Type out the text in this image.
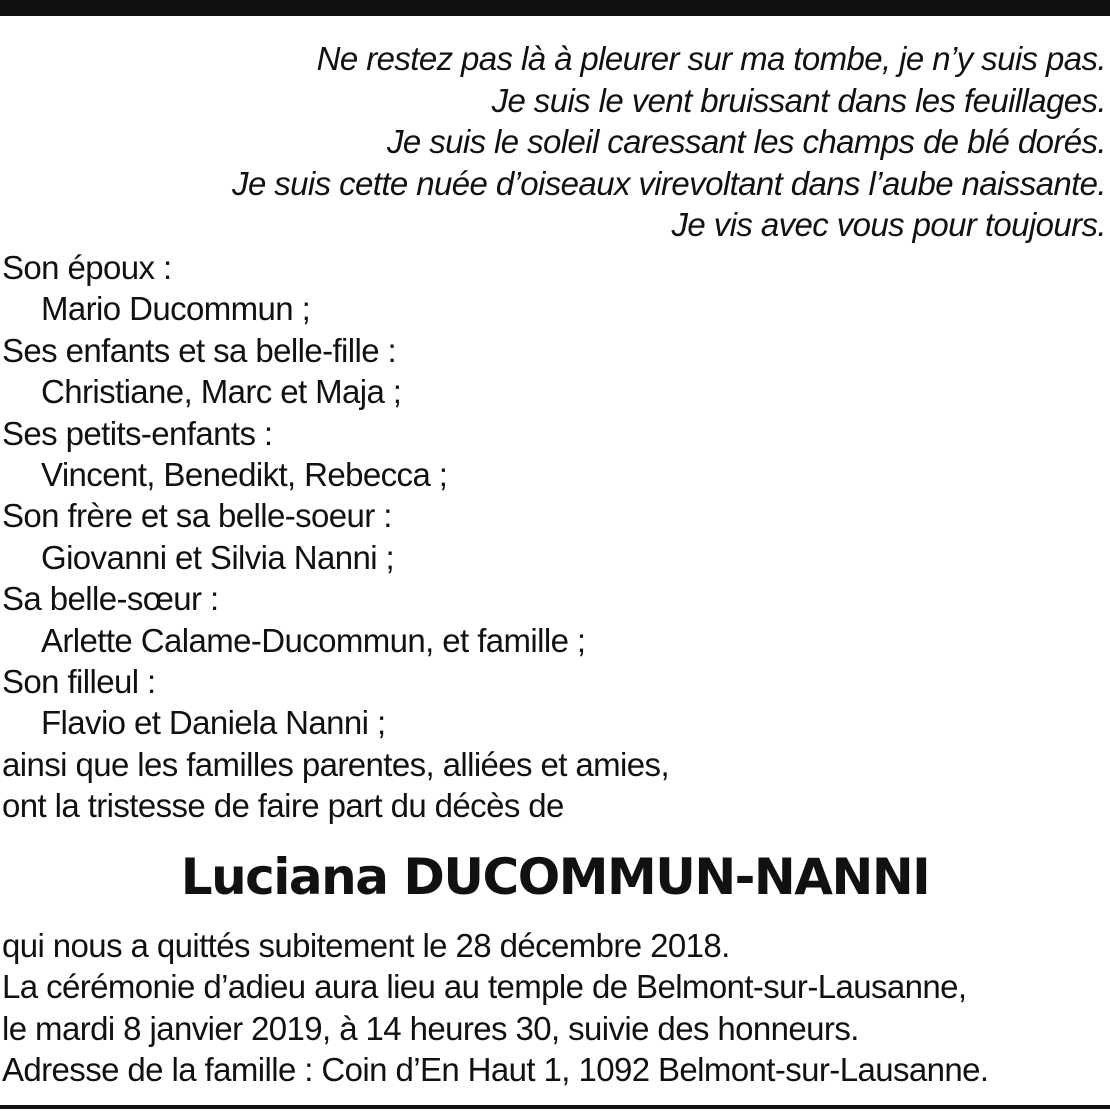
Ne restez pas là à pleurer sur ma tombe, je n’y suis pas.
Je suis le vent bruissant dans les feuillages.
Je suis le soleil caressant les champs de blé dorés.
Je suis cette nuée d’oiseaux virevoltant dans l’aube naissante.
Je vis avec vous pour toujours.
Son époux :
Mario Ducommun ;
Ses enfants et sa belle-fille :
Christiane, Marc et Maja ;
Ses petits-enfants :
Vincent, Benedikt, Rebecca ;
Son frère et sa belle-soeur :
Giovanni et Silvia Nanni ;
Sa belle-sœur :
Arlette Calame-Ducommun, et famille ;
Son filleul :
Flavio et Daniela Nanni ;
ainsi que les familles parentes, alliées et amies,
ont la tristesse de faire part du décès de
Luciana DUCOMMUN-NANNI
qui nous a quittés subitement le 28 décembre 2018.
La cérémonie d’adieu aura lieu au temple de Belmont-sur-Lausanne,
le mardi 8 janvier 2019, à 14 heures 30, suivie des honneurs.
Adresse de la famille : Coin d’En Haut 1, 1092 Belmont-sur-Lausanne.
